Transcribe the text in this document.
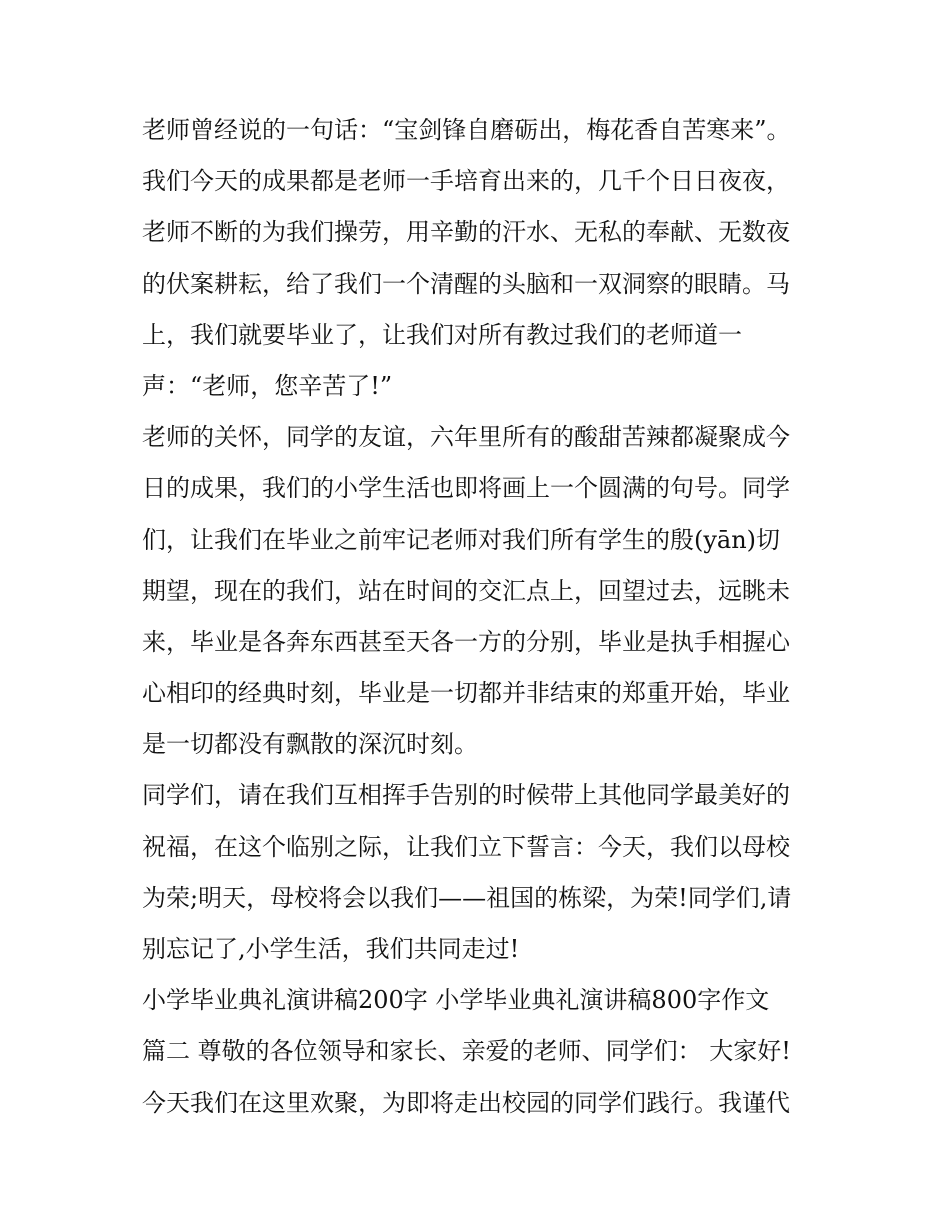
老师曾经说的一句话：“宝剑锋自磨砺出，梅花香自苦寒来”。
我们今天的成果都是老师一手培育出来的，几千个日日夜夜，
老师不断的为我们操劳，用辛勤的汗水、无私的奉献、无数夜
的伏案耕耘，给了我们一个清醒的头脑和一双洞察的眼睛。马
上，我们就要毕业了，让我们对所有教过我们的老师道一
声：“老师，您辛苦了!”
老师的关怀，同学的友谊，六年里所有的酸甜苦辣都凝聚成今
日的成果，我们的小学生活也即将画上一个圆满的句号。同学
们，让我们在毕业之前牢记老师对我们所有学生的殷(yān)切
期望，现在的我们，站在时间的交汇点上，回望过去，远眺未
来，毕业是各奔东西甚至天各一方的分别，毕业是执手相握心
心相印的经典时刻，毕业是一切都并非结束的郑重开始，毕业
是一切都没有飘散的深沉时刻。
同学们，请在我们互相挥手告别的时候带上其他同学最美好的
祝福，在这个临别之际，让我们立下誓言：今天，我们以母校
为荣;明天，母校将会以我们——祖国的栋梁，为荣!同学们,请
别忘记了,小学生活，我们共同走过!
小学毕业典礼演讲稿200字 小学毕业典礼演讲稿800字作文
篇二 尊敬的各位领导和家长、亲爱的老师、同学们： 大家好!
今天我们在这里欢聚，为即将走出校园的同学们践行。我谨代
